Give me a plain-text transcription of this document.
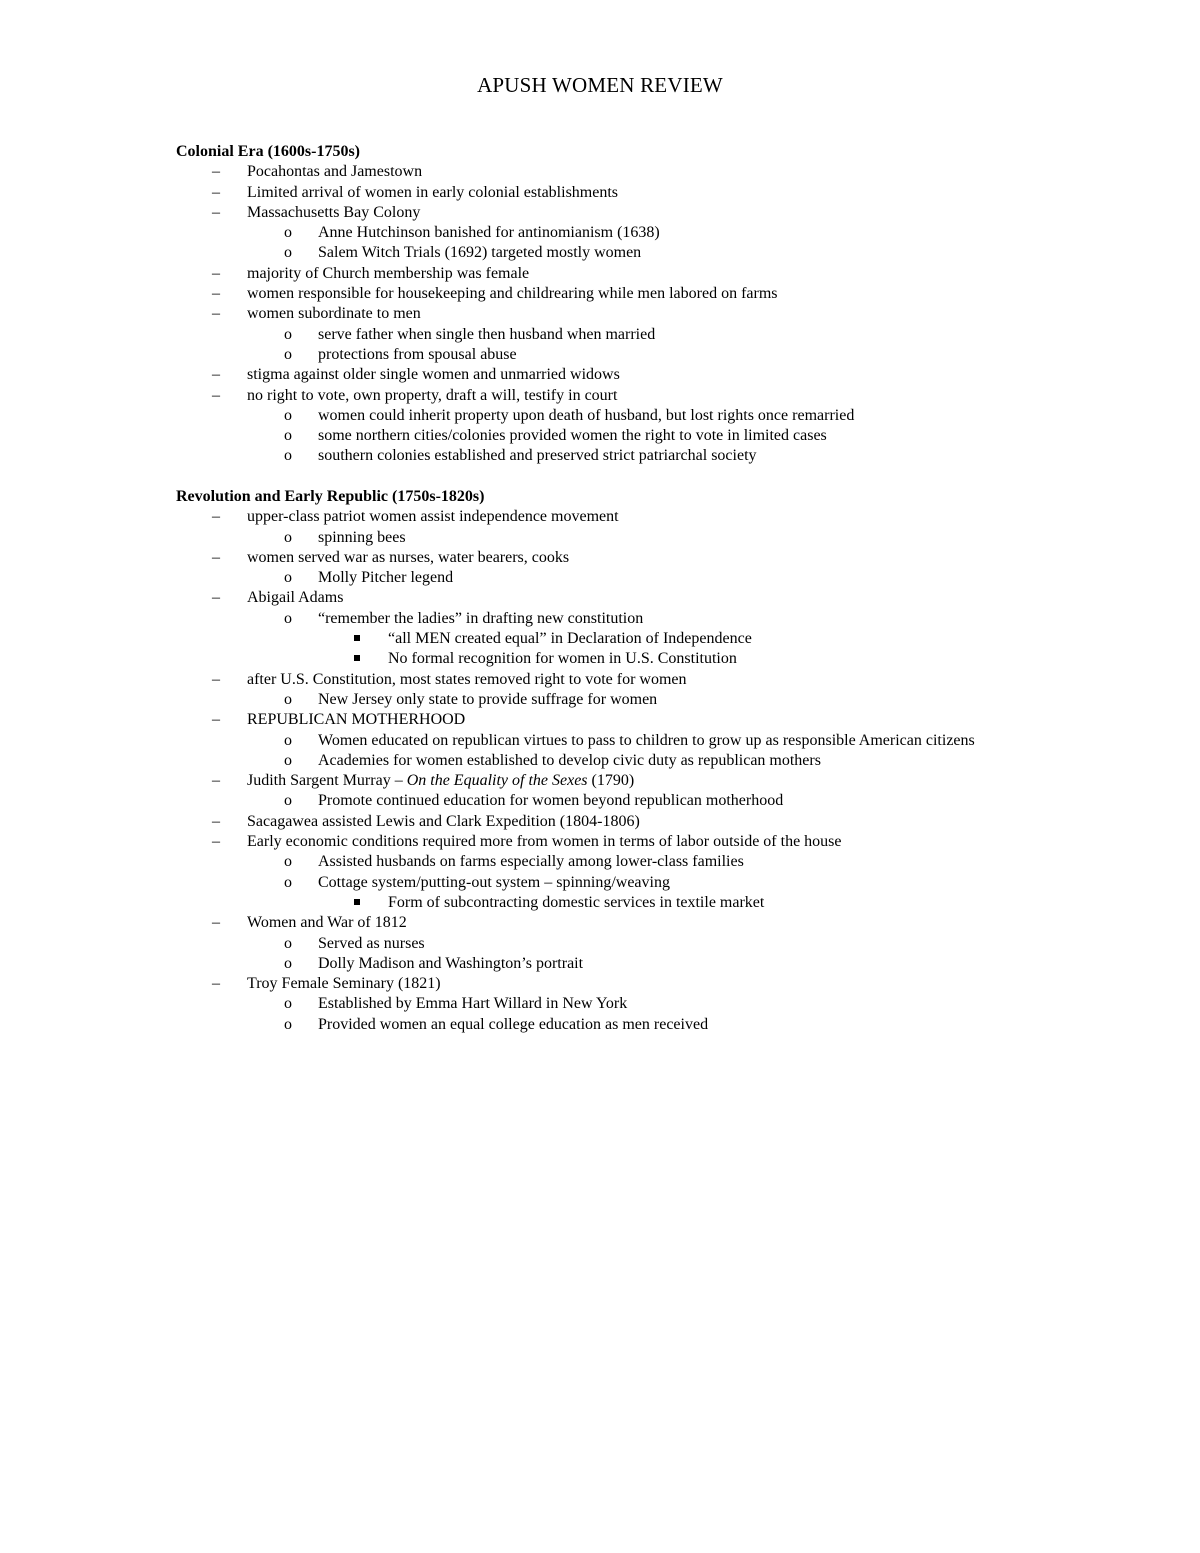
APUSH WOMEN REVIEW
Colonial Era (1600s-1750s)
– Pocahontas and Jamestown
– Limited arrival of women in early colonial establishments
– Massachusetts Bay Colony
o Anne Hutchinson banished for antinomianism (1638)
o Salem Witch Trials (1692) targeted mostly women
– majority of Church membership was female
– women responsible for housekeeping and childrearing while men labored on farms
– women subordinate to men
o serve father when single then husband when married
o protections from spousal abuse
– stigma against older single women and unmarried widows
– no right to vote, own property, draft a will, testify in court
o women could inherit property upon death of husband, but lost rights once remarried
o some northern cities/colonies provided women the right to vote in limited cases
o southern colonies established and preserved strict patriarchal society
Revolution and Early Republic (1750s-1820s)
– upper-class patriot women assist independence movement
o spinning bees
– women served war as nurses, water bearers, cooks
o Molly Pitcher legend
– Abigail Adams
o “remember the ladies” in drafting new constitution
“all MEN created equal” in Declaration of Independence
No formal recognition for women in U.S. Constitution
– after U.S. Constitution, most states removed right to vote for women
o New Jersey only state to provide suffrage for women
– REPUBLICAN MOTHERHOOD
o Women educated on republican virtues to pass to children to grow up as responsible American citizens
o Academies for women established to develop civic duty as republican mothers
– Judith Sargent Murray – On the Equality of the Sexes (1790)
o Promote continued education for women beyond republican motherhood
– Sacagawea assisted Lewis and Clark Expedition (1804-1806)
– Early economic conditions required more from women in terms of labor outside of the house
o Assisted husbands on farms especially among lower-class families
o Cottage system/putting-out system – spinning/weaving
Form of subcontracting domestic services in textile market
– Women and War of 1812
o Served as nurses
o Dolly Madison and Washington’s portrait
– Troy Female Seminary (1821)
o Established by Emma Hart Willard in New York
o Provided women an equal college education as men received
